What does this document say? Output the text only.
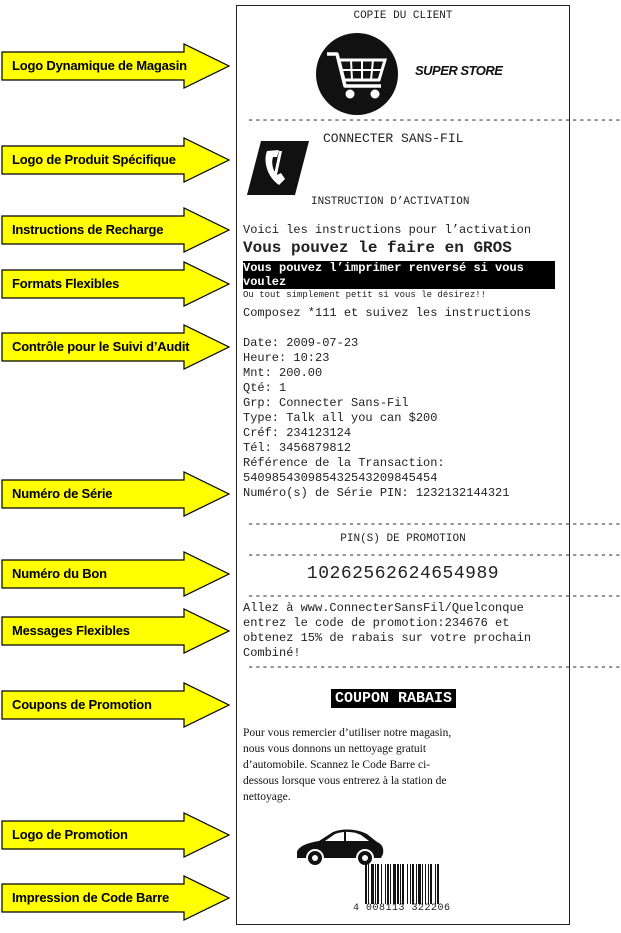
Logo Dynamique de Magasin
Logo de Produit Spécifique
Instructions de Recharge
Formats Flexibles
Contrôle pour le Suivi d’Audit
Numéro de Série
Numéro du Bon
Messages Flexibles
Coupons de Promotion
Logo de Promotion
Impression de Code Barre
COPIE DU CLIENT
SUPER STORE
----------------------------------------------------
CONNECTER SANS-FIL
INSTRUCTION D’ACTIVATION
Voici les instructions pour l’activation
Vous pouvez le faire en GROS
Vous pouvez l’imprimer renversé si vous voulez
Ou tout simplement petit si vous le désirez!!
Composez *111 et suivez les instructions
Date: 2009-07-23
Heure: 10:23
Mnt: 200.00
Qté: 1
Grp: Connecter Sans-Fil
Type: Talk all you can $200
Créf: 234123124
Tél: 3456879812
Référence de la Transaction:
540985430985432543209845454
Numéro(s) de Série PIN: 1232132144321
----------------------------------------------------
PIN(S) DE PROMOTION
----------------------------------------------------
10262562624654989
----------------------------------------------------
Allez à www.ConnecterSansFil/Quelconque
entrez le code de promotion:234676 et
obtenez 15% de rabais sur votre prochain
Combiné!
----------------------------------------------------
COUPON RABAIS
Pour vous remercier d’utiliser notre magasin,
nous vous donnons un nettoyage gratuit
d’automobile. Scannez le Code Barre ci-
dessous lorsque vous entrerez à la station de
nettoyage.
4 008113 322206
